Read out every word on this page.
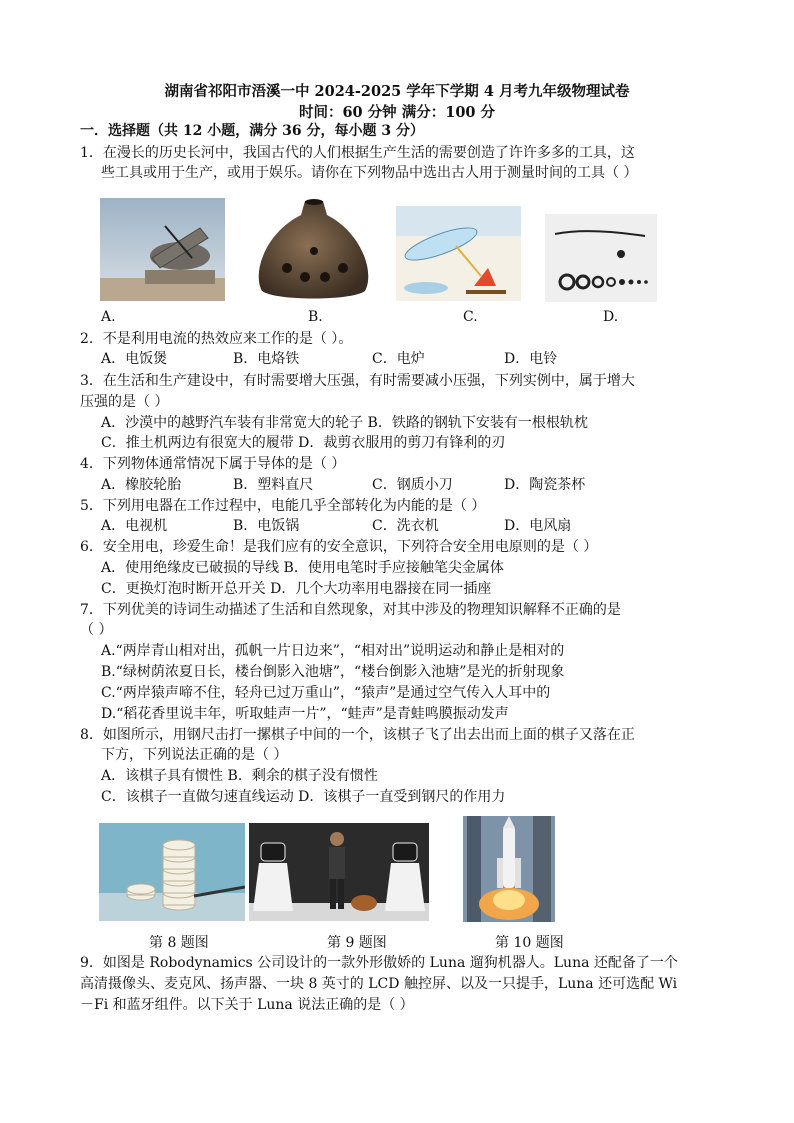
湖南省祁阳市浯溪一中 2024-2025 学年下学期 4 月考九年级物理试卷
时间：60 分钟 满分：100 分
一．选择题（共 12 小题，满分 36 分，每小题 3 分）
1．在漫长的历史长河中，我国古代的人们根据生产生活的需要创造了许许多多的工具，这
些工具或用于生产，或用于娱乐。请你在下列物品中选出古人用于测量时间的工具（ ）
A.	B.	C.	D.
2．不是利用电流的热效应来工作的是（ ）。
A．电饭煲	B．电烙铁	C．电炉	D．电铃
3．在生活和生产建设中，有时需要增大压强，有时需要减小压强，下列实例中，属于增大
压强的是（ ）
A．沙漠中的越野汽车装有非常宽大的轮子 B．铁路的钢轨下安装有一根根轨枕
C．推土机两边有很宽大的履带 D．裁剪衣服用的剪刀有锋利的刃
4．下列物体通常情况下属于导体的是（ ）
A．橡胶轮胎	B．塑料直尺	C．钢质小刀	D．陶瓷茶杯
5．下列用电器在工作过程中，电能几乎全部转化为内能的是（ ）
A．电视机	B．电饭锅	C．洗衣机	D．电风扇
6．安全用电，珍爱生命！是我们应有的安全意识，下列符合安全用电原则的是（ ）
A．使用绝缘皮已破损的导线 B．使用电笔时手应接触笔尖金属体
C．更换灯泡时断开总开关 D．几个大功率用电器接在同一插座
7．下列优美的诗词生动描述了生活和自然现象，对其中涉及的物理知识解释不正确的是
（ ）
A.“两岸青山相对出，孤帆一片日边来”，“相对出”说明运动和静止是相对的
B.“绿树荫浓夏日长，楼台倒影入池塘”，“楼台倒影入池塘”是光的折射现象
C.“两岸猿声啼不住，轻舟已过万重山”，“猿声”是通过空气传入人耳中的
D.“稻花香里说丰年，听取蛙声一片”，“蛙声”是青蛙鸣膜振动发声
8．如图所示，用钢尺击打一摞棋子中间的一个，该棋子飞了出去出而上面的棋子又落在正
下方，下列说法正确的是（ ）
A．该棋子具有惯性 B．剩余的棋子没有惯性
C．该棋子一直做匀速直线运动 D．该棋子一直受到钢尺的作用力
第 8 题图	第 9 题图	第 10 题图
9．如图是 Robodynamics 公司设计的一款外形傲娇的 Luna 遛狗机器人。Luna 还配备了一个
高清摄像头、麦克风、扬声器、一块 8 英寸的 LCD 触控屏、以及一只提手，Luna 还可选配 Wi
－Fi 和蓝牙组件。以下关于 Luna 说法正确的是（ ）
